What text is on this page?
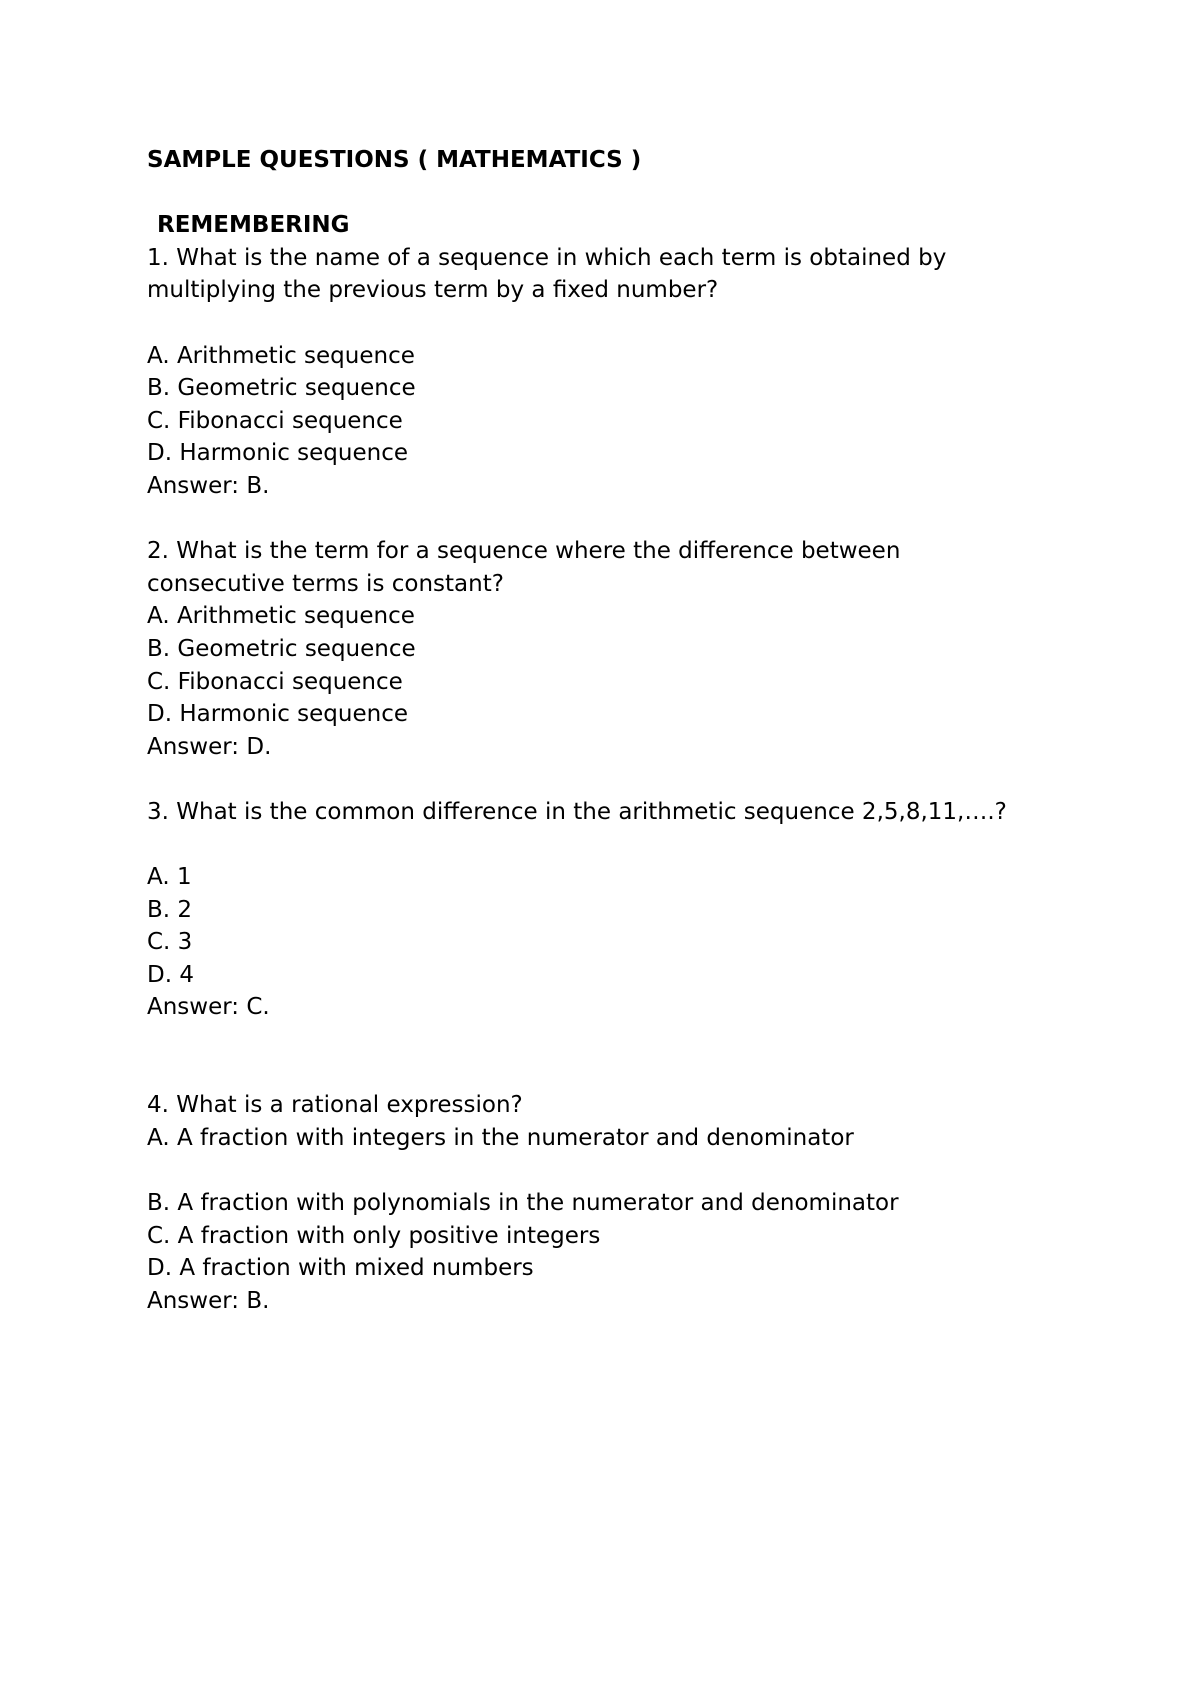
SAMPLE QUESTIONS ( MATHEMATICS )
REMEMBERING
1. What is the name of a sequence in which each term is obtained by
multiplying the previous term by a fixed number?
A. Arithmetic sequence
B. Geometric sequence
C. Fibonacci sequence
D. Harmonic sequence
Answer: B.
2. What is the term for a sequence where the difference between
consecutive terms is constant?
A. Arithmetic sequence
B. Geometric sequence
C. Fibonacci sequence
D. Harmonic sequence
Answer: D.
3. What is the common difference in the arithmetic sequence 2,5,8,11,….?
A. 1
B. 2
C. 3
D. 4
Answer: C.
4. What is a rational expression?
A. A fraction with integers in the numerator and denominator
B. A fraction with polynomials in the numerator and denominator
C. A fraction with only positive integers
D. A fraction with mixed numbers
Answer: B.
